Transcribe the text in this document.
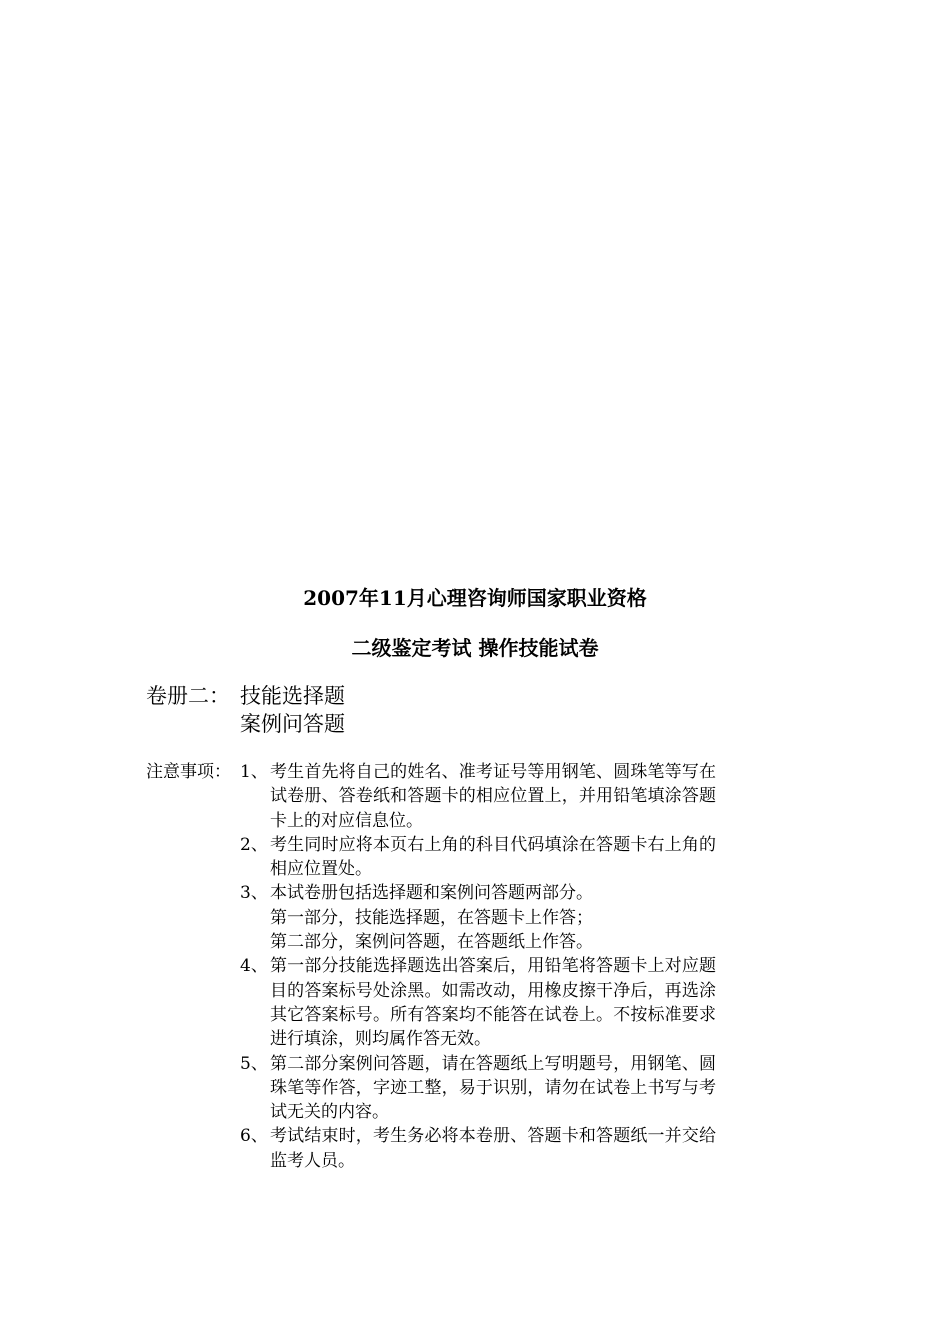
2007年11月心理咨询师国家职业资格
二级鉴定考试 操作技能试卷
卷册二： 技能选择题
案例问答题
注意事项： 1、 考生首先将自己的姓名、准考证号等用钢笔、圆珠笔等写在试卷册、答卷纸和答题卡的相应位置上，并用铅笔填涂答题卡上的对应信息位。
2、 考生同时应将本页右上角的科目代码填涂在答题卡右上角的相应位置处。
3、 本试卷册包括选择题和案例问答题两部分。
第一部分，技能选择题，在答题卡上作答；
第二部分，案例问答题，在答题纸上作答。
4、 第一部分技能选择题选出答案后，用铅笔将答题卡上对应题目的答案标号处涂黑。如需改动，用橡皮擦干净后，再选涂其它答案标号。所有答案均不能答在试卷上。不按标准要求进行填涂，则均属作答无效。
5、 第二部分案例问答题，请在答题纸上写明题号，用钢笔、圆珠笔等作答，字迹工整，易于识别，请勿在试卷上书写与考试无关的内容。
6、 考试结束时，考生务必将本卷册、答题卡和答题纸一并交给监考人员。
